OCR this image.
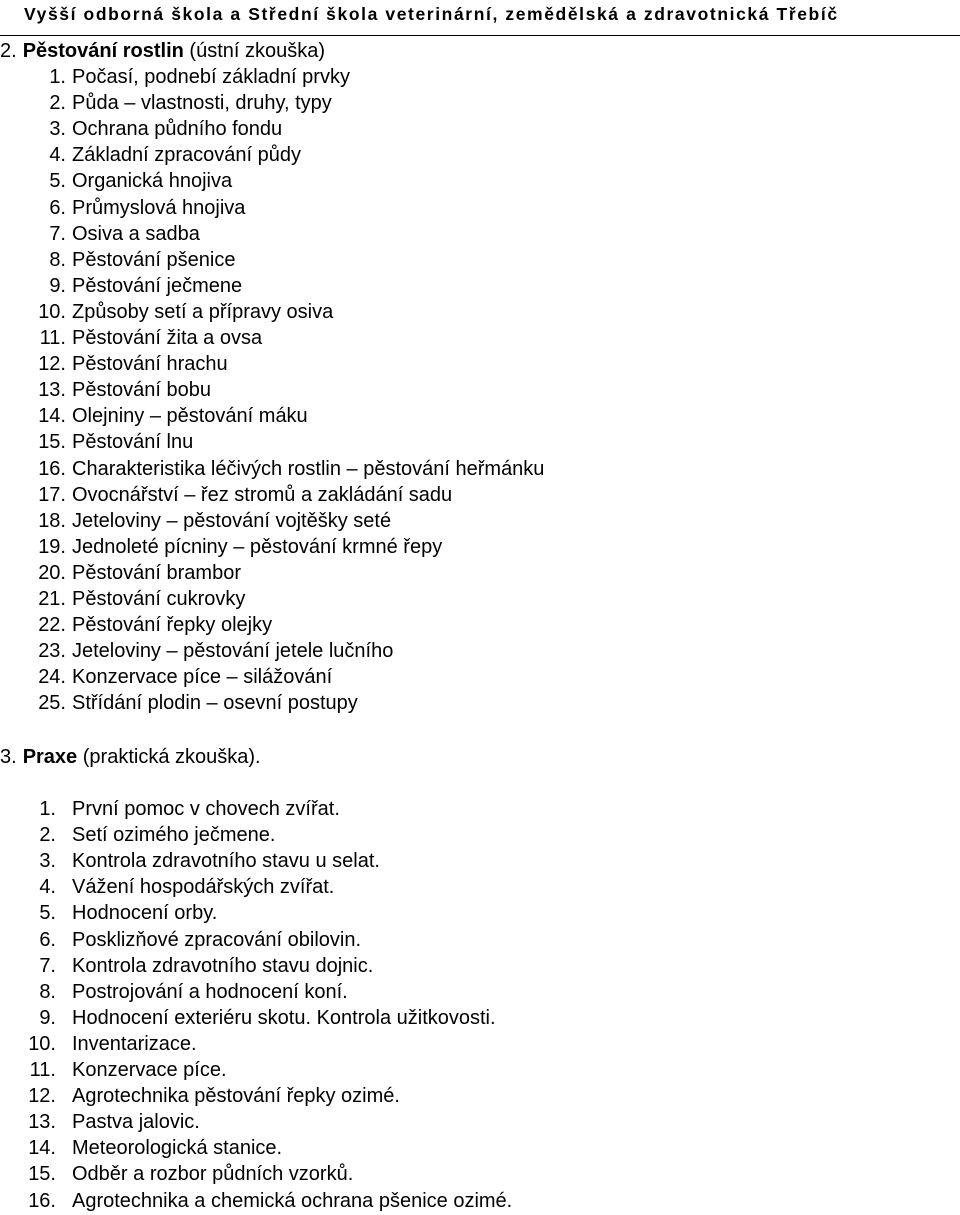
Vyšší odborná škola a Střední škola veterinární, zemědělská a zdravotnická Třebíč
2. Pěstování rostlin (ústní zkouška)
1. Počasí, podnebí základní prvky
2. Půda – vlastnosti, druhy, typy
3. Ochrana půdního fondu
4. Základní zpracování půdy
5. Organická hnojiva
6. Průmyslová hnojiva
7. Osiva a sadba
8. Pěstování pšenice
9. Pěstování ječmene
10. Způsoby setí a přípravy osiva
11. Pěstování žita a ovsa
12. Pěstování hrachu
13. Pěstování bobu
14. Olejniny – pěstování máku
15. Pěstování lnu
16. Charakteristika léčivých rostlin – pěstování heřmánku
17. Ovocnářství – řez stromů a zakládání sadu
18. Jeteloviny – pěstování vojtěšky seté
19. Jednoleté pícniny – pěstování krmné řepy
20. Pěstování brambor
21. Pěstování cukrovky
22. Pěstování řepky olejky
23. Jeteloviny – pěstování jetele lučního
24. Konzervace píce – silážování
25. Střídání plodin – osevní postupy
3. Praxe (praktická zkouška).
1. První pomoc v chovech zvířat.
2. Setí ozimého ječmene.
3. Kontrola zdravotního stavu u selat.
4. Vážení hospodářských zvířat.
5. Hodnocení orby.
6. Posklizňové zpracování obilovin.
7. Kontrola zdravotního stavu dojnic.
8. Postrojování a hodnocení koní.
9. Hodnocení exteriéru skotu. Kontrola užitkovosti.
10. Inventarizace.
11. Konzervace píce.
12. Agrotechnika pěstování řepky ozimé.
13. Pastva jalovic.
14. Meteorologická stanice.
15. Odběr a rozbor půdních vzorků.
16. Agrotechnika a chemická ochrana pšenice ozimé.
